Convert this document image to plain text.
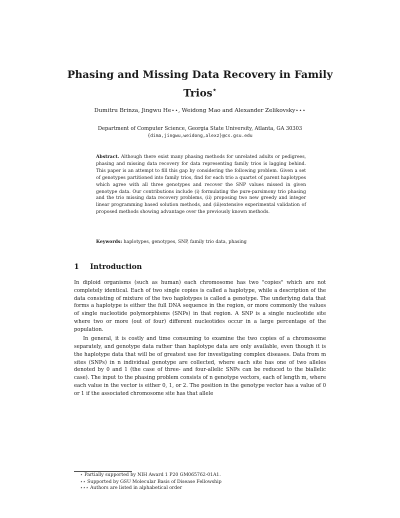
Phasing and Missing Data Recovery in Family
Trios⋆
Dumitru Brinza, Jingwu He⋆⋆, Weidong Mao and Alexander Zelikovsky⋆⋆⋆
Department of Computer Science, Georgia State University, Atlanta, GA 30303
{dima,jingwu,weidong,alexz}@cs.gsu.edu
Abstract. Although there exist many phasing methods for unrelated adults or pedigrees, phasing and missing data recovery for data representing family trios is lagging behind. This paper is an attempt to fill this gap by considering the following problem. Given a set of genotypes partitioned into family trios, find for each trio a quartet of parent haplotypes which agree with all three genotypes and recover the SNP values missed in given genotype data. Our contributions include (i) formulating the pure-parsimony trio phasing and the trio missing data recovery problems, (ii) proposing two new greedy and integer linear programming based solution methods, and (iii)extensive experimental validation of proposed methods showing advantage over the previously known methods.
Keywords: haplotypes, genotypes, SNP, family trio data, phasing
1 Introduction

In diploid organisms (such as human) each chromosome has two "copies" which are not completely identical. Each of two single copies is called a haplotype, while a description of the data consisting of mixture of the two haplotypes is called a genotype. The underlying data that forms a haplotype is either the full DNA sequence in the region, or more commonly the values of single nucleotide polymorphisms (SNPs) in that region. A SNP is a single nucleotide site where two or more (out of four) different nucleotides occur in a large percentage of the population.

In general, it is costly and time consuming to examine the two copies of a chromosome separately, and genotype data rather than haplotype data are only available, even though it is the haplotype data that will be of greatest use for investigating complex diseases. Data from m sites (SNPs) in n individual genotype are collected, where each site has one of two alleles denoted by 0 and 1 (the case of three- and four-allelic SNPs can be reduced to the biallelic case). The input to the phasing problem consists of n genotype vectors, each of length m, where each value in the vector is either 0, 1, or 2. The position in the genotype vector has a value of 0 or 1 if the associated chromosome site has that allele

⋆ Partially supported by NIH Award 1 P20 GM065762-01A1.
⋆⋆ Supported by GSU Molecular Basis of Disease Fellowship
⋆⋆⋆ Authors are listed in alphabetical order
